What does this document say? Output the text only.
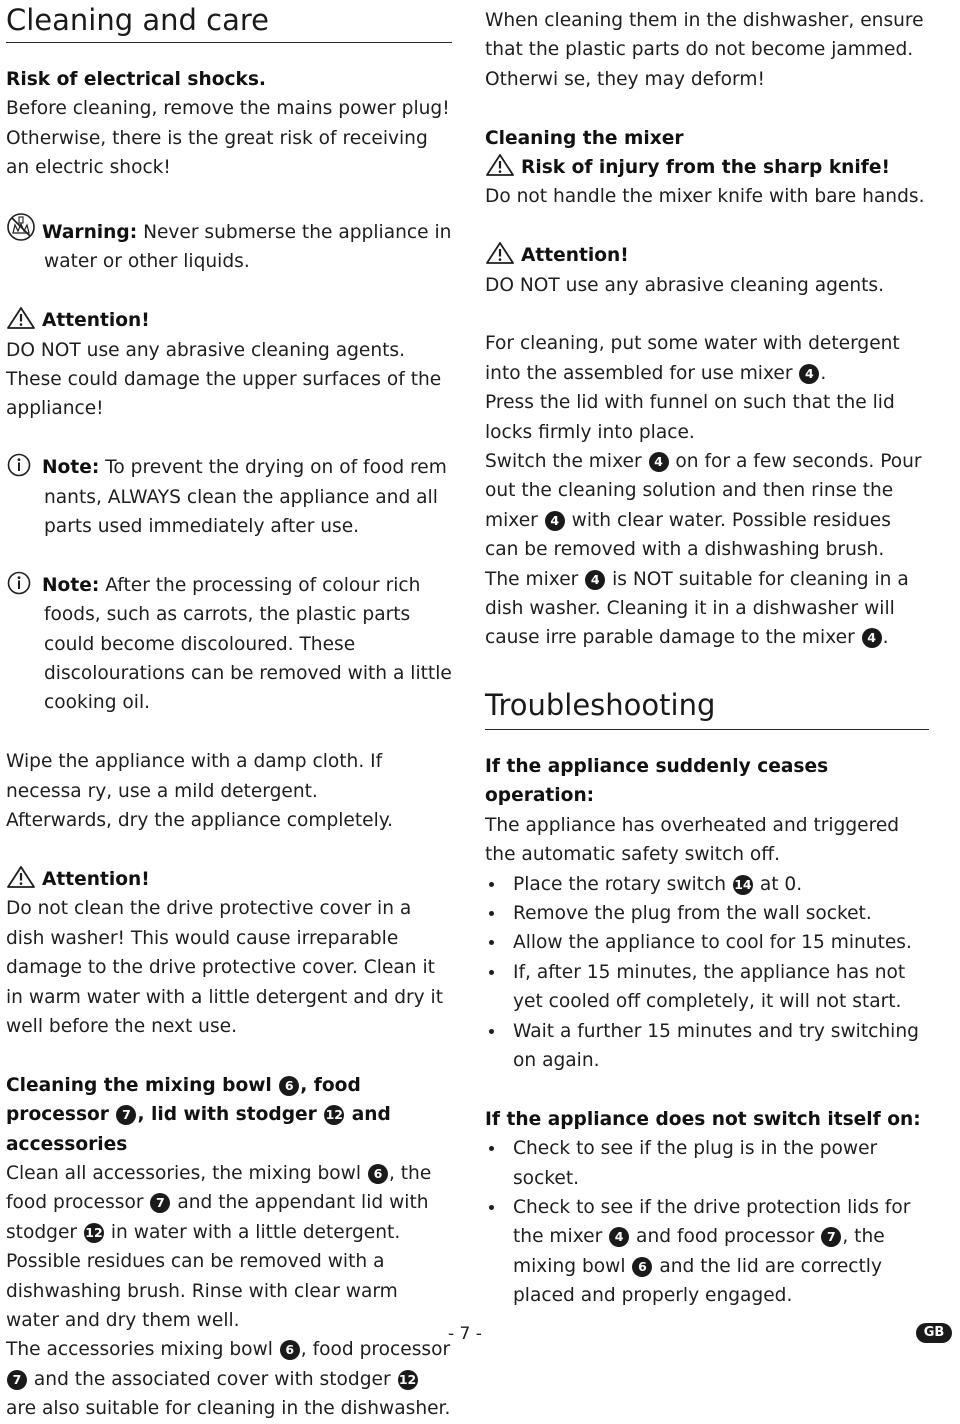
Cleaning and care

Risk of electrical shocks.

Before cleaning, remove the mains power plug! Otherwise, there is the great risk of receiving an electric shock!

Warning: Never submerse the appliance in water or other liquids.

Attention!

DO NOT use any abrasive cleaning agents. These could damage the upper surfaces of the appliance!

Note: To prevent the drying on of food rem nants, ALWAYS clean the appliance and all parts used immediately after use.

Note: After the processing of colour rich foods, such as carrots, the plastic parts could become discoloured. These discolourations can be removed with a little cooking oil.

Wipe the appliance with a damp cloth. If necessa ry, use a mild detergent.

Afterwards, dry the appliance completely.

Attention!

Do not clean the drive protective cover in a dish washer! This would cause irreparable damage to the drive protective cover. Clean it in warm water with a little detergent and dry it well before the next use.

Cleaning the mixing bowl 6 , food processor 7 , lid with stodger 12 and accessories

Clean all accessories, the mixing bowl 6 , the food processor 7 and the appendant lid with stodger 12 in water with a little detergent. Possible residues can be removed with a dishwashing brush. Rinse with clear warm water and dry them well.

The accessories mixing bowl 6 , food processor 7 and the associated cover with stodger 12 are also suitable for cleaning in the dishwasher.

When cleaning them in the dishwasher, ensure that the plastic parts do not become jammed. Otherwi se, they may deform!

Cleaning the mixer

Risk of injury from the sharp knife!

Do not handle the mixer knife with bare hands.

Attention!

DO NOT use any abrasive cleaning agents.

For cleaning, put some water with detergent into the assembled for use mixer 4 .

Press the lid with funnel on such that the lid locks firmly into place.

Switch the mixer 4 on for a few seconds. Pour out the cleaning solution and then rinse the mixer 4 with clear water. Possible residues can be removed with a dishwashing brush.

The mixer 4 is NOT suitable for cleaning in a dish washer. Cleaning it in a dishwasher will cause irre parable damage to the mixer 4 .

Troubleshooting

If the appliance suddenly ceases operation:

The appliance has overheated and triggered the automatic safety switch off.

Place the rotary switch 14 at 0.
Remove the plug from the wall socket.
Allow the appliance to cool for 15 minutes.
If, after 15 minutes, the appliance has not yet cooled off completely, it will not start.
Wait a further 15 minutes and try switching on again.

If the appliance does not switch itself on:

Check to see if the plug is in the power socket.
Check to see if the drive protection lids for the mixer 4 and food processor 7 , the mixing bowl 6 and the lid are correctly placed and properly engaged.
- 7 -	GB
